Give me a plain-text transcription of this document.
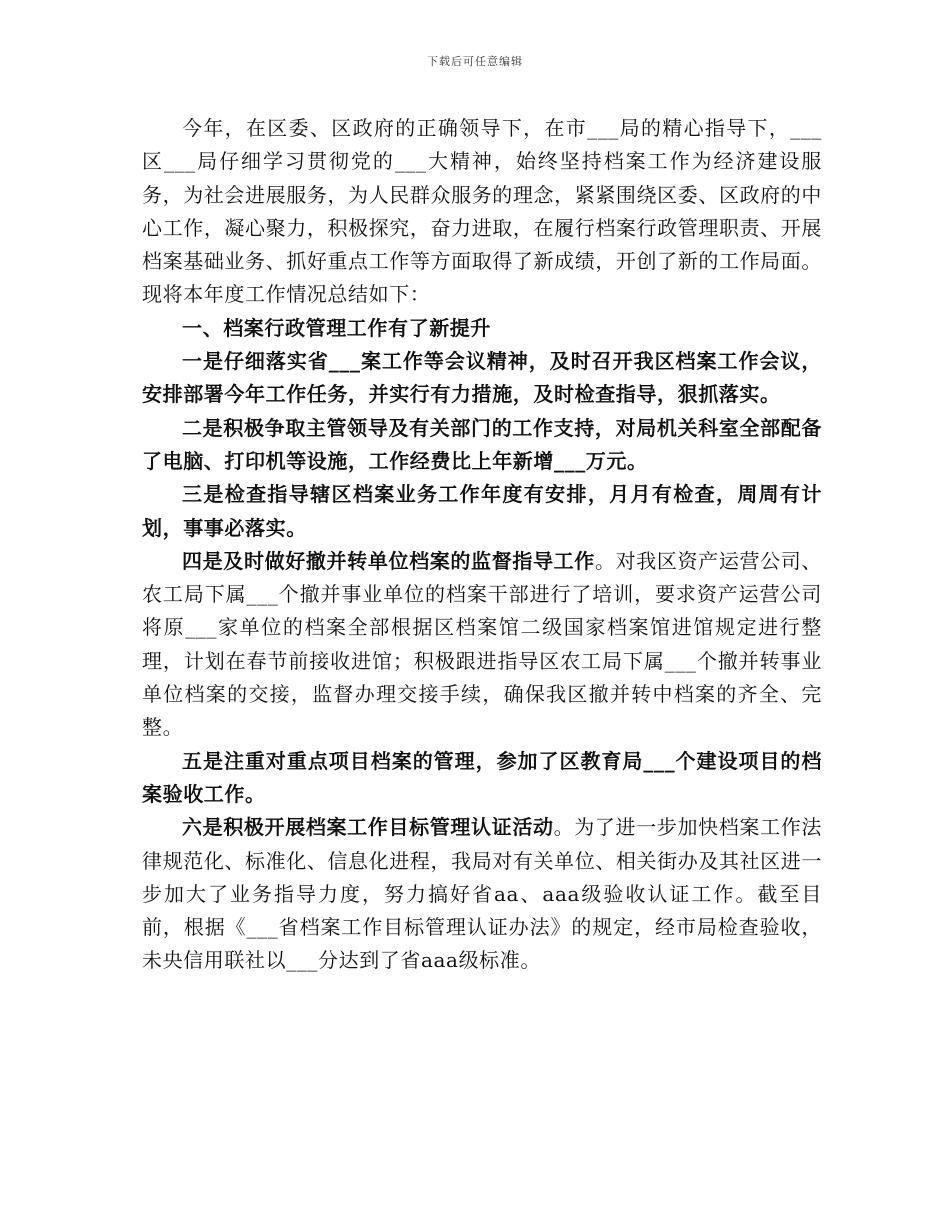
下载后可任意编辑

今年，在区委、区政府的正确领导下，在市___局的精心指导下，___区___局仔细学习贯彻党的___大精神，始终坚持档案工作为经济建设服务，为社会进展服务，为人民群众服务的理念，紧紧围绕区委、区政府的中心工作，凝心聚力，积极探究，奋力进取，在履行档案行政管理职责、开展档案基础业务、抓好重点工作等方面取得了新成绩，开创了新的工作局面。现将本年度工作情况总结如下：

一、档案行政管理工作有了新提升

一是仔细落实省___案工作等会议精神，及时召开我区档案工作会议，安排部署今年工作任务，并实行有力措施，及时检查指导，狠抓落实。

二是积极争取主管领导及有关部门的工作支持，对局机关科室全部配备了电脑、打印机等设施，工作经费比上年新增___万元。

三是检查指导辖区档案业务工作年度有安排，月月有检查，周周有计划，事事必落实。

四是及时做好撤并转单位档案的监督指导工作。对我区资产运营公司、农工局下属___个撤并事业单位的档案干部进行了培训，要求资产运营公司将原___家单位的档案全部根据区档案馆二级国家档案馆进馆规定进行整理，计划在春节前接收进馆；积极跟进指导区农工局下属___个撤并转事业单位档案的交接，监督办理交接手续，确保我区撤并转中档案的齐全、完整。

五是注重对重点项目档案的管理，参加了区教育局___个建设项目的档案验收工作。

六是积极开展档案工作目标管理认证活动。为了进一步加快档案工作法律规范化、标准化、信息化进程，我局对有关单位、相关街办及其社区进一步加大了业务指导力度，努力搞好省aa、aaa级验收认证工作。截至目前，根据《___省档案工作目标管理认证办法》的规定，经市局检查验收，未央信用联社以___分达到了省aaa级标准。
